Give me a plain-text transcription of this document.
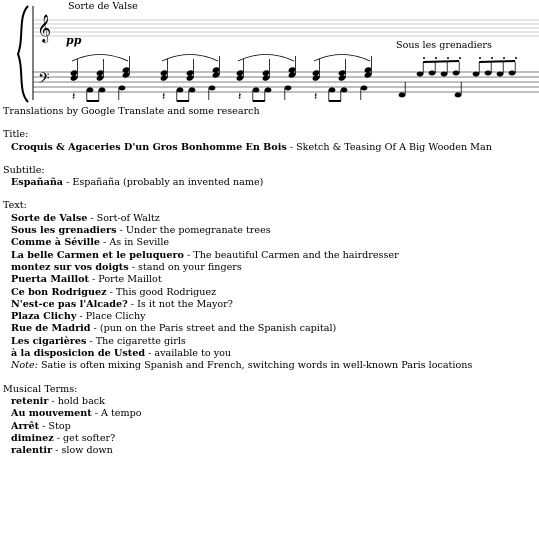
𝄞
𝄢
Sorte de Valse
pp	Sous les grenadiers
𝄽	𝄽	𝄽	𝄽
Translations by Google Translate and some research
Title:
Croquis & Agaceries D'un Gros Bonhomme En Bois - Sketch & Teasing Of A Big Wooden Man
Subtitle:
Españaña - Españaña (probably an invented name)
Text:
Sorte de Valse - Sort-of Waltz
Sous les grenadiers - Under the pomegranate trees
Comme à Séville - As in Seville
La belle Carmen et le peluquero - The beautiful Carmen and the hairdresser
montez sur vos doigts - stand on your fingers
Puerta Maillot - Porte Maillot
Ce bon Rodriguez - This good Rodriguez
N'est-ce pas l'Alcade? - Is it not the Mayor?
Plaza Clichy - Place Clichy
Rue de Madrid - (pun on the Paris street and the Spanish capital)
Les cigarières - The cigarette girls
à la disposicion de Usted - available to you
Note: Satie is often mixing Spanish and French, switching words in well-known Paris locations
Musical Terms:
retenir - hold back
Au mouvement - A tempo
Arrêt - Stop
diminez - get softer?
ralentir - slow down
